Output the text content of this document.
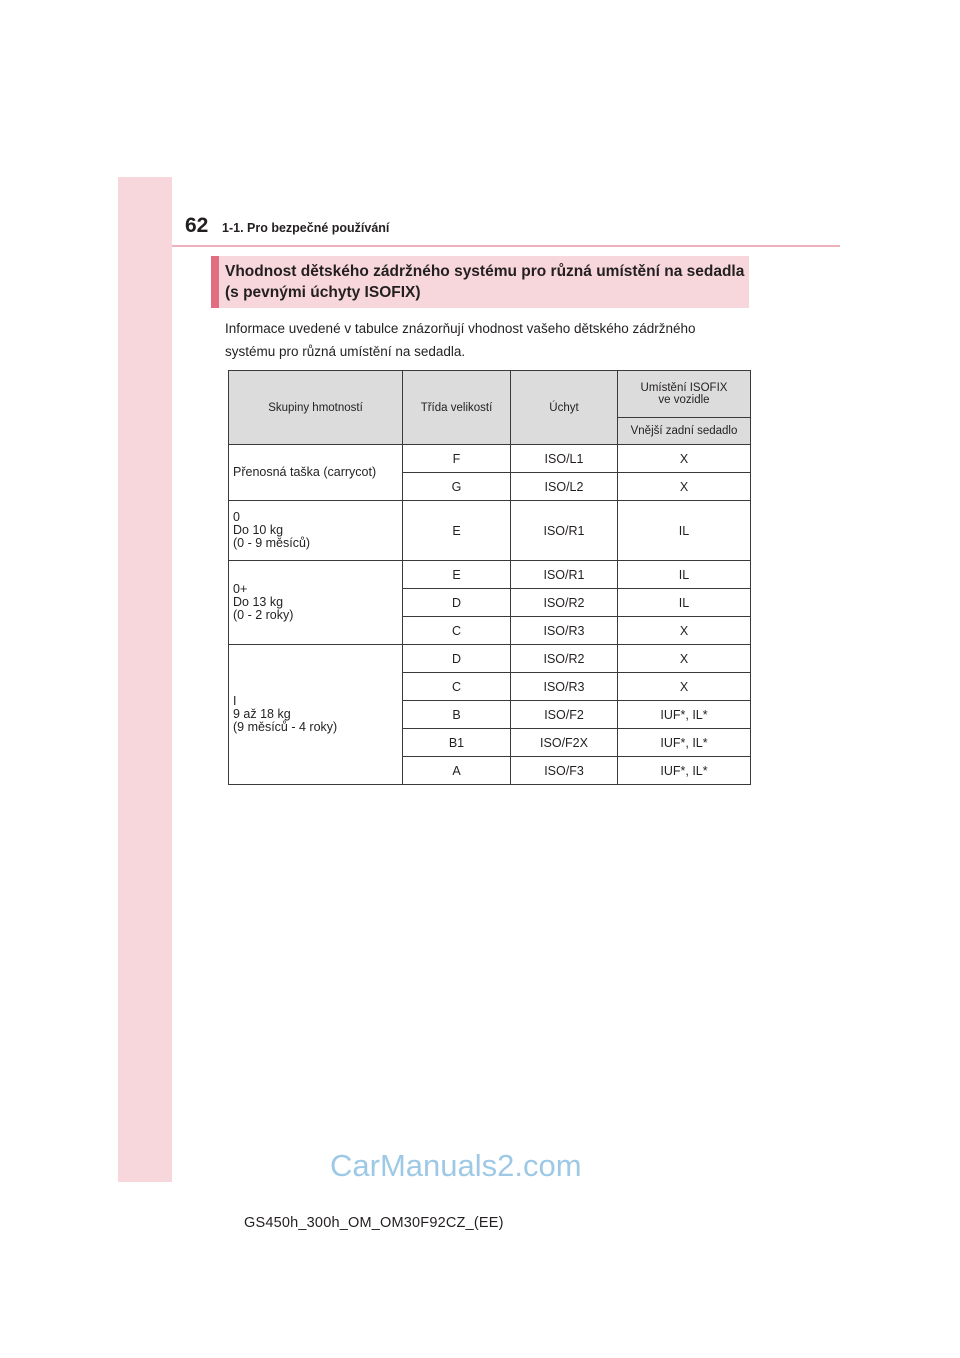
62 1-1. Pro bezpečné používání
Vhodnost dětského zádržného systému pro různá umístění na sedadla
(s pevnými úchyty ISOFIX)
Informace uvedené v tabulce znázorňují vhodnost vašeho dětského zádržného
systému pro různá umístění na sedadla.
Skupiny hmotností	Třída velikostí	Úchyt	Umístění ISOFIX
ve vozidle

			Vnější zadní sedadlo
Přenosná taška (carrycot)	F	ISO/L1	X
	G	ISO/L2	X

0
Do 10 kg
(0 - 9 měsíců)	E	ISO/R1	IL

0+
Do 13 kg
(0 - 2 roky)	E	ISO/R1	IL
	D	ISO/R2	IL
	C	ISO/R3	X

I
9 až 18 kg
(9 měsíců - 4 roky)	D	ISO/R2	X
	C	ISO/R3	X
	B	ISO/F2	IUF*, IL*
	B1	ISO/F2X	IUF*, IL*
	A	ISO/F3	IUF*, IL*
CarManuals2.com
GS450h_300h_OM_OM30F92CZ_(EE)
